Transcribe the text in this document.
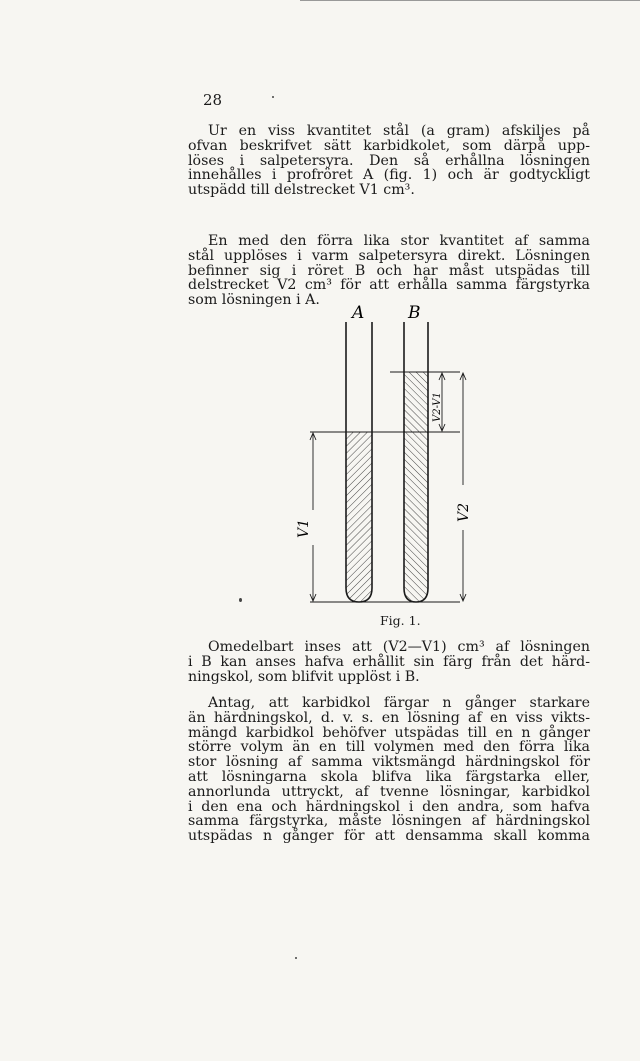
28

Ur en viss kvantitet stål (a gram) afskiljes på
ofvan beskrifvet sätt karbidkolet, som därpå upp-
löses i salpetersyra. Den så erhållna lösningen
innehålles i profröret A (fig. 1) och är godtyckligt
utspädd till delstrecket V1 cm³.

En med den förra lika stor kvantitet af samma
stål upplöses i varm salpetersyra direkt. Lösningen
befinner sig i röret B och har måst utspädas till
delstrecket V2 cm³ för att erhålla samma färgstyrka
som lösningen i A.

A	B
V1
V2
V2-V1
Fig. 1.

Omedelbart inses att (V2—V1) cm³ af lösningen
i B kan anses hafva erhållit sin färg från det härd-
ningskol, som blifvit upplöst i B.

Antag, att karbidkol färgar n gånger starkare
än härdningskol, d. v. s. en lösning af en viss vikts-
mängd karbidkol behöfver utspädas till en n gånger
större volym än en till volymen med den förra lika
stor lösning af samma viktsmängd härdningskol för
att lösningarna skola blifva lika färgstarka eller,
annorlunda uttryckt, af tvenne lösningar, karbidkol
i den ena och härdningskol i den andra, som hafva
samma färgstyrka, måste lösningen af härdningskol
utspädas n gånger för att densamma skall komma
